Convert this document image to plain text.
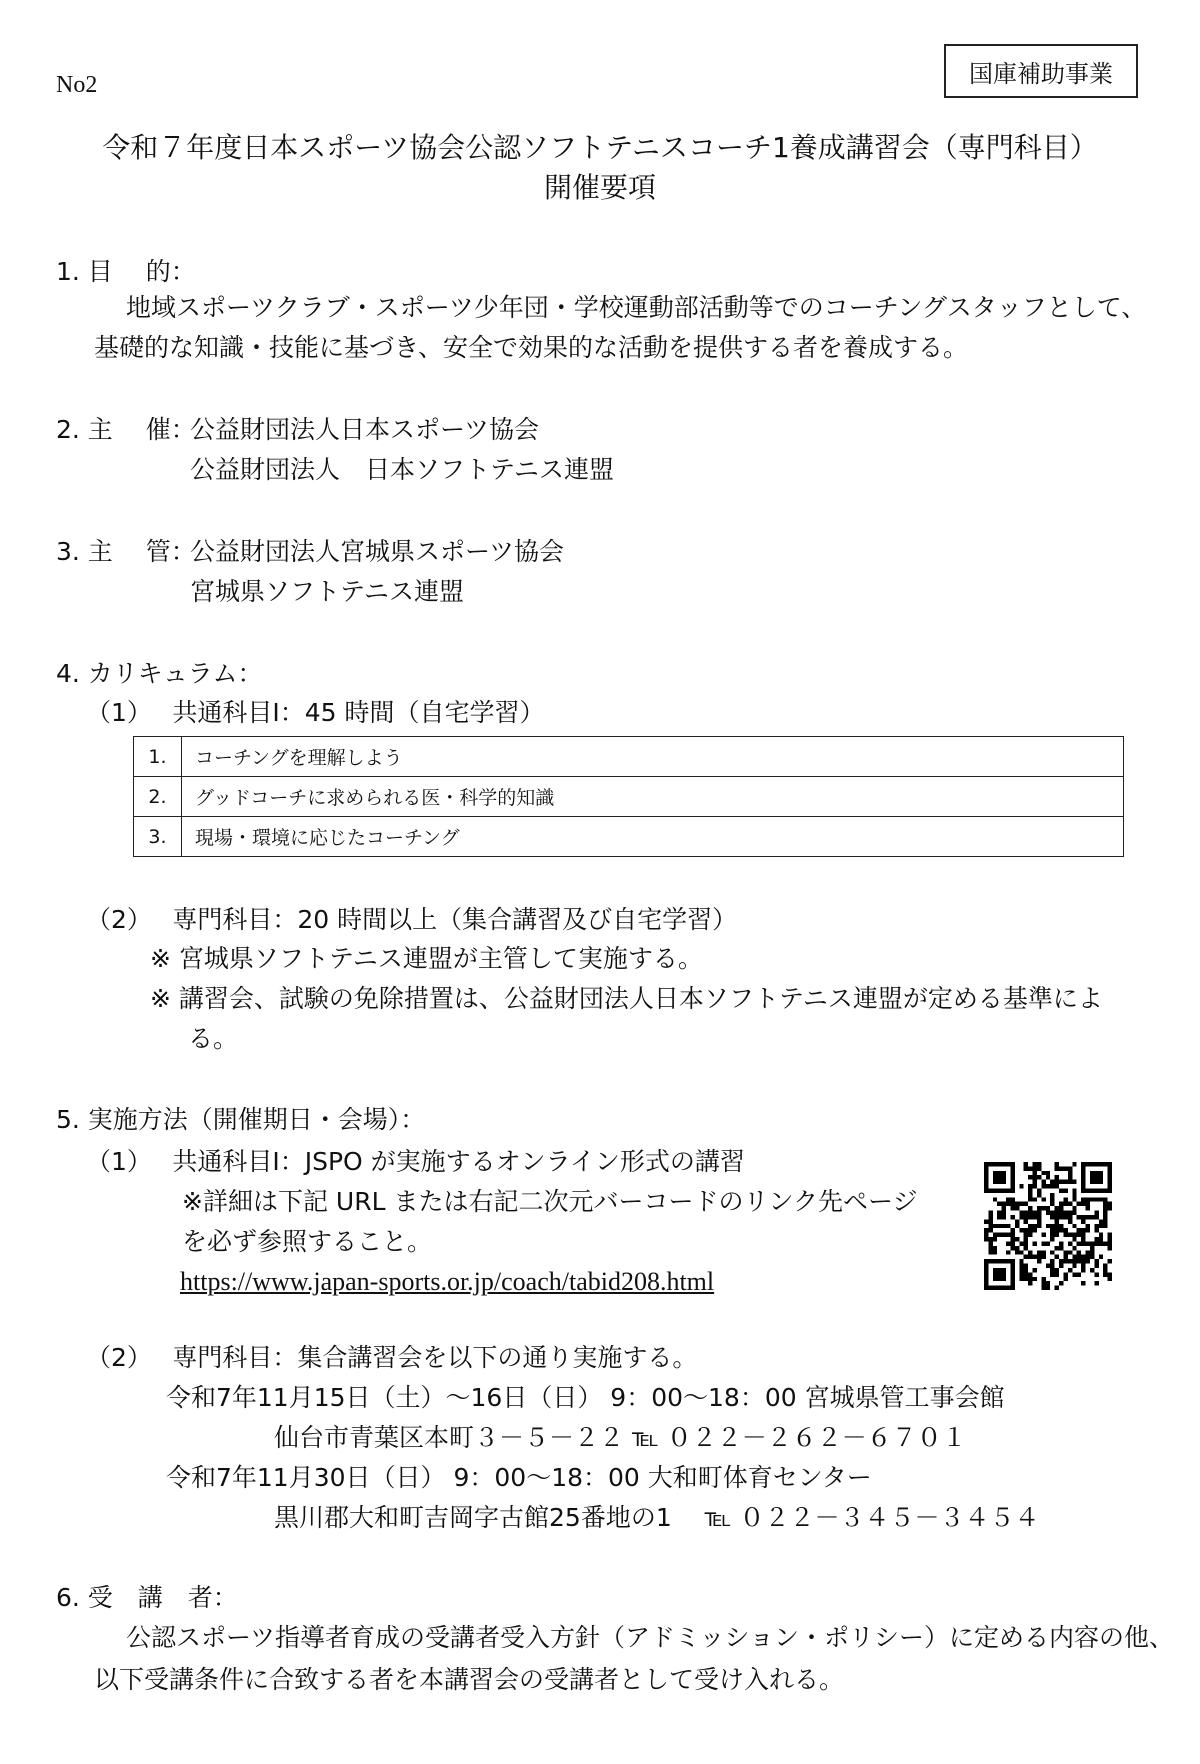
国庫補助事業
No2
令和７年度日本スポーツ協会公認ソフトテニスコーチ1養成講習会（専門科目）
開催要項
1. 目　 的：
地域スポーツクラブ・スポーツ少年団・学校運動部活動等でのコーチングスタッフとして、
基礎的な知識・技能に基づき、安全で効果的な活動を提供する者を養成する。
2. 主　 催：
公益財団法人日本スポーツ協会
公益財団法人　日本ソフトテニス連盟
3. 主　 管：
公益財団法人宮城県スポーツ協会
宮城県ソフトテニス連盟
4. カリキュラム：
（1）　 共通科目Ⅰ：45 時間（自宅学習）
1.	コーチングを理解しよう
2.	グッドコーチに求められる医・科学的知識
3.	現場・環境に応じたコーチング
（2）　 専門科目：20 時間以上（集合講習及び自宅学習）
※ 宮城県ソフトテニス連盟が主管して実施する。
※ 講習会、試験の免除措置は、公益財団法人日本ソフトテニス連盟が定める基準によ
る。
5. 実施方法（開催期日・会場）：
（1）　 共通科目Ⅰ：JSPO が実施するオンライン形式の講習
※詳細は下記 URL または右記二次元バーコードのリンク先ページ
を必ず参照すること。
https://www.japan-sports.or.jp/coach/tabid208.html
（2）　 専門科目：集合講習会を以下の通り実施する。
令和7年11月15日（土）～16日（日） 9：00～18：00 宮城県管工事会館
仙台市青葉区本町３－５－２２ ℡ ０２２－２６２－６７０１
令和7年11月30日（日） 9：00～18：00 大和町体育センター
黒川郡大和町吉岡字古館25番地の1　 ℡ ０２２－３４５－３４５４
6. 受　講　者：
公認スポーツ指導者育成の受講者受入方針（アドミッション・ポリシー）に定める内容の他、
以下受講条件に合致する者を本講習会の受講者として受け入れる。
